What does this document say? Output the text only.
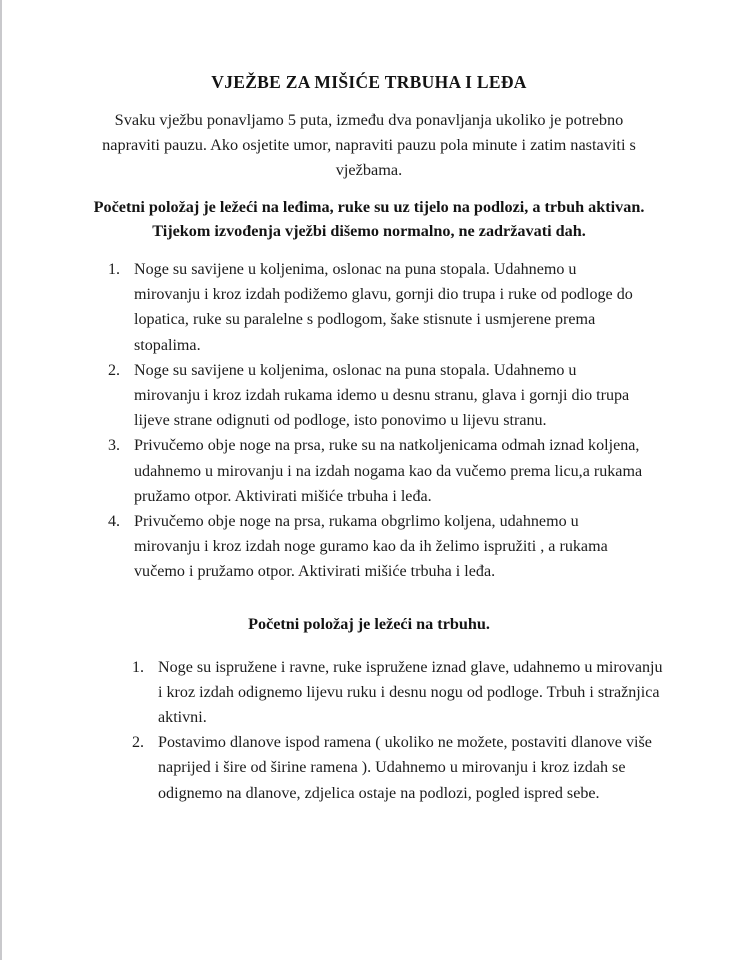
VJEŽBE ZA MIŠIĆE TRBUHA I LEĐA

Svaku vježbu ponavljamo 5 puta, između dva ponavljanja ukoliko je potrebno napraviti pauzu. Ako osjetite umor, napraviti pauzu pola minute i zatim nastaviti s vježbama.

Početni položaj je ležeći na leđima, ruke su uz tijelo na podlozi, a trbuh aktivan.

Tijekom izvođenja vježbi dišemo normalno, ne zadržavati dah.

1. Noge su savijene u koljenima, oslonac na puna stopala. Udahnemo u mirovanju i kroz izdah podižemo glavu, gornji dio trupa i ruke od podloge do lopatica, ruke su paralelne s podlogom, šake stisnute i usmjerene prema stopalima.
2. Noge su savijene u koljenima, oslonac na puna stopala. Udahnemo u mirovanju i kroz izdah rukama idemo u desnu stranu, glava i gornji dio trupa lijeve strane odignuti od podloge, isto ponovimo u lijevu stranu.
3. Privučemo obje noge na prsa, ruke su na natkoljenicama odmah iznad koljena, udahnemo u mirovanju i na izdah nogama kao da vučemo prema licu,a rukama pružamo otpor. Aktivirati mišiće trbuha i leđa.
4. Privučemo obje noge na prsa, rukama obgrlimo koljena, udahnemo u mirovanju i kroz izdah noge guramo kao da ih želimo ispružiti , a rukama vučemo i pružamo otpor. Aktivirati mišiće trbuha i leđa.

Početni položaj je ležeći na trbuhu.

1. Noge su ispružene i ravne, ruke ispružene iznad glave, udahnemo u mirovanju i kroz izdah odignemo lijevu ruku i desnu nogu od podloge. Trbuh i stražnjica aktivni.
2. Postavimo dlanove ispod ramena ( ukoliko ne možete, postaviti dlanove više naprijed i šire od širine ramena ). Udahnemo u mirovanju i kroz izdah se odignemo na dlanove, zdjelica ostaje na podlozi, pogled ispred sebe.
